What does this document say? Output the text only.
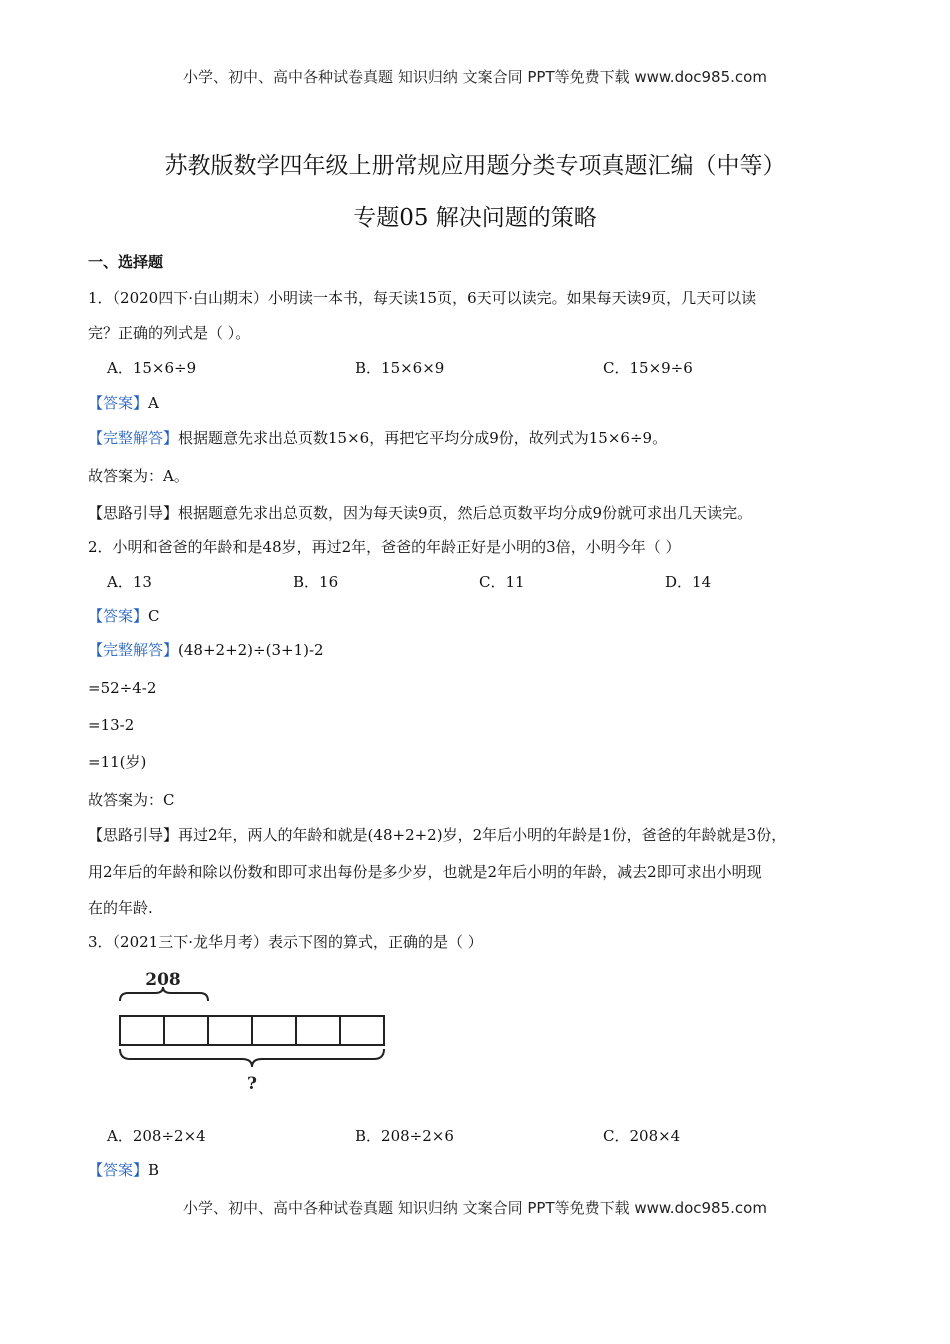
小学、初中、高中各种试卷真题 知识归纳 文案合同 PPT等免费下载 www.doc985.com
苏教版数学四年级上册常规应用题分类专项真题汇编（中等）
专题05 解决问题的策略
一、选择题
1．（2020四下·白山期末）小明读一本书，每天读15页，6天可以读完。如果每天读9页，几天可以读
完？正确的列式是（ ）。
A．15×6÷9	B．15×6×9	C．15×9÷6
【答案】A
【完整解答】根据题意先求出总页数15×6，再把它平均分成9份，故列式为15×6÷9。
故答案为：A。
【思路引导】根据题意先求出总页数，因为每天读9页，然后总页数平均分成9份就可求出几天读完。
2．小明和爸爸的年龄和是48岁，再过2年，爸爸的年龄正好是小明的3倍，小明今年（ ）
A．13	B．16	C．11	D．14
【答案】C
【完整解答】(48+2+2)÷(3+1)-2
=52÷4-2
=13-2
=11(岁)
故答案为：C
【思路引导】再过2年，两人的年龄和就是(48+2+2)岁，2年后小明的年龄是1份，爸爸的年龄就是3份，
用2年后的年龄和除以份数和即可求出每份是多少岁，也就是2年后小明的年龄，减去2即可求出小明现
在的年龄.
3．（2021三下·龙华月考）表示下图的算式，正确的是（ ）
208
?
A．208÷2×4	B．208÷2×6	C．208×4
【答案】B
小学、初中、高中各种试卷真题 知识归纳 文案合同 PPT等免费下载 www.doc985.com
